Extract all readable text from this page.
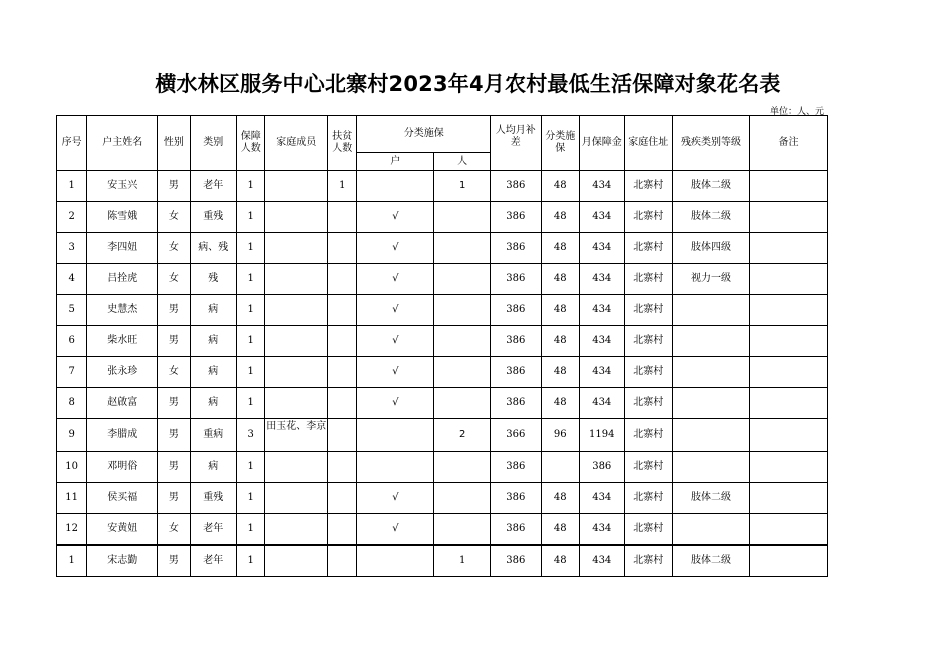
横水林区服务中心北寨村2023年4月农村最低生活保障对象花名表
单位：人、元
序号	户主姓名	性别	类别	保障人数	家庭成员	扶贫人数	分类施保		人均月补差	分类施保	月保障金	家庭住址	残疾类别等级	备注
							户	人						
1	安玉兴	男	老年	1		1		1	386	48	434	北寨村	肢体二级	
2	陈雪娥	女	重残	1			√		386	48	434	北寨村	肢体二级	
3	李四妞	女	病、残	1			√		386	48	434	北寨村	肢体四级	
4	吕拴虎	女	残	1			√		386	48	434	北寨村	视力一级	
5	史慧杰	男	病	1			√		386	48	434	北寨村		
6	柴水旺	男	病	1			√		386	48	434	北寨村		
7	张永珍	女	病	1			√		386	48	434	北寨村		
8	赵啟富	男	病	1			√		386	48	434	北寨村		
9	李腊成	男	重病	3	田玉花、李京			2	366	96	1194	北寨村		
10	邓明俗	男	病	1					386		386	北寨村		
11	侯买福	男	重残	1			√		386	48	434	北寨村	肢体二级	
12	安黄妞	女	老年	1			√		386	48	434	北寨村		
1	宋志勤	男	老年	1				1	386	48	434	北寨村	肢体二级	
